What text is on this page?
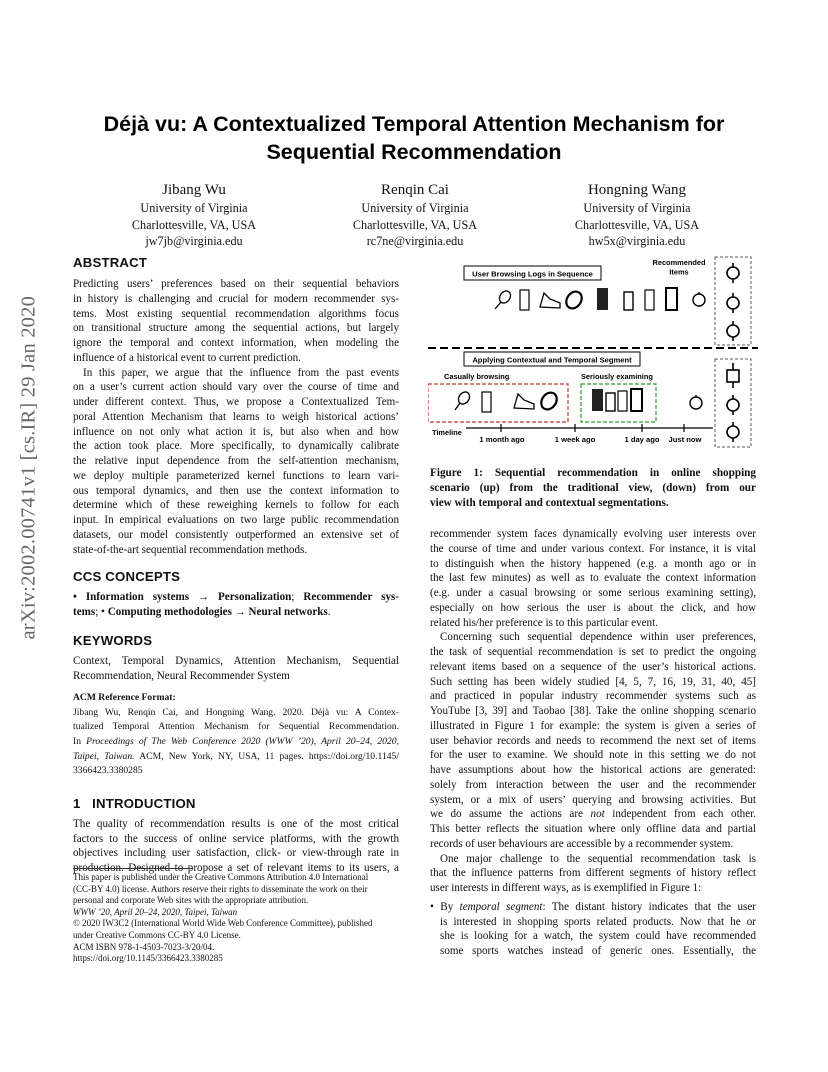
arXiv:2002.00741v1 [cs.IR] 29 Jan 2020
Déjà vu: A Contextualized Temporal Attention Mechanism for
Sequential Recommendation
Jibang Wu
University of Virginia
Charlottesville, VA, USA
jw7jb@virginia.edu
Renqin Cai
University of Virginia
Charlottesville, VA, USA
rc7ne@virginia.edu
Hongning Wang
University of Virginia
Charlottesville, VA, USA
hw5x@virginia.edu
ABSTRACT
Predicting users’ preferences based on their sequential behaviors
in history is challenging and crucial for modern recommender sys-
tems. Most existing sequential recommendation algorithms focus
on transitional structure among the sequential actions, but largely
ignore the temporal and context information, when modeling the
influence of a historical event to current prediction.
In this paper, we argue that the influence from the past events
on a user’s current action should vary over the course of time and
under different context. Thus, we propose a Contextualized Tem-
poral Attention Mechanism that learns to weigh historical actions’
influence on not only what action it is, but also when and how
the action took place. More specifically, to dynamically calibrate
the relative input dependence from the self-attention mechanism,
we deploy multiple parameterized kernel functions to learn vari-
ous temporal dynamics, and then use the context information to
determine which of these reweighing kernels to follow for each
input. In empirical evaluations on two large public recommendation
datasets, our model consistently outperformed an extensive set of
state-of-the-art sequential recommendation methods.
CCS CONCEPTS
• Information systems → Personalization; Recommender sys-
tems; • Computing methodologies → Neural networks.
KEYWORDS
Context, Temporal Dynamics, Attention Mechanism, Sequential
Recommendation, Neural Recommender System
ACM Reference Format:
Jibang Wu, Renqin Cai, and Hongning Wang. 2020. Déjà vu: A Contex-
tualized Temporal Attention Mechanism for Sequential Recommendation.
In Proceedings of The Web Conference 2020 (WWW ’20), April 20–24, 2020,
Taipei, Taiwan. ACM, New York, NY, USA, 11 pages. https://doi.org/10.1145/
3366423.3380285
1 INTRODUCTION
The quality of recommendation results is one of the most critical
factors to the success of online service platforms, with the growth
objectives including user satisfaction, click- or view-through rate in
production. Designed to propose a set of relevant items to its users, a
This paper is published under the Creative Commons Attribution 4.0 International
(CC-BY 4.0) license. Authors reserve their rights to disseminate the work on their
personal and corporate Web sites with the appropriate attribution.
WWW ’20, April 20–24, 2020, Taipei, Taiwan
© 2020 IW3C2 (International World Wide Web Conference Committee), published
under Creative Commons CC-BY 4.0 License.
ACM ISBN 978-1-4503-7023-3/20/04.
https://doi.org/10.1145/3366423.3380285
User Browsing Logs in Sequence
Recommended
Items
Applying Contextual and Temporal Segment
Casually browsing	Seriously examining
Timeline
1 month ago	1 week ago	1 day ago Just now
Figure 1: Sequential recommendation in online shopping
scenario (up) from the traditional view, (down) from our
view with temporal and contextual segmentations.
recommender system faces dynamically evolving user interests over
the course of time and under various context. For instance, it is vital
to distinguish when the history happened (e.g. a month ago or in
the last few minutes) as well as to evaluate the context information
(e.g. under a casual browsing or some serious examining setting),
especially on how serious the user is about the click, and how
related his/her preference is to this particular event.
Concerning such sequential dependence within user preferences,
the task of sequential recommendation is set to predict the ongoing
relevant items based on a sequence of the user’s historical actions.
Such setting has been widely studied [4, 5, 7, 16, 19, 31, 40, 45]
and practiced in popular industry recommender systems such as
YouTube [3, 39] and Taobao [38]. Take the online shopping scenario
illustrated in Figure 1 for example: the system is given a series of
user behavior records and needs to recommend the next set of items
for the user to examine. We should note in this setting we do not
have assumptions about how the historical actions are generated:
solely from interaction between the user and the recommender
system, or a mix of users’ querying and browsing activities. But
we do assume the actions are not independent from each other.
This better reflects the situation where only offline data and partial
records of user behaviours are accessible by a recommender system.
One major challenge to the sequential recommendation task is
that the influence patterns from different segments of history reflect
user interests in different ways, as is exemplified in Figure 1:
• By temporal segment: The distant history indicates that the user
is interested in shopping sports related products. Now that he or
she is looking for a watch, the system could have recommended
some sports watches instead of generic ones. Essentially, the
